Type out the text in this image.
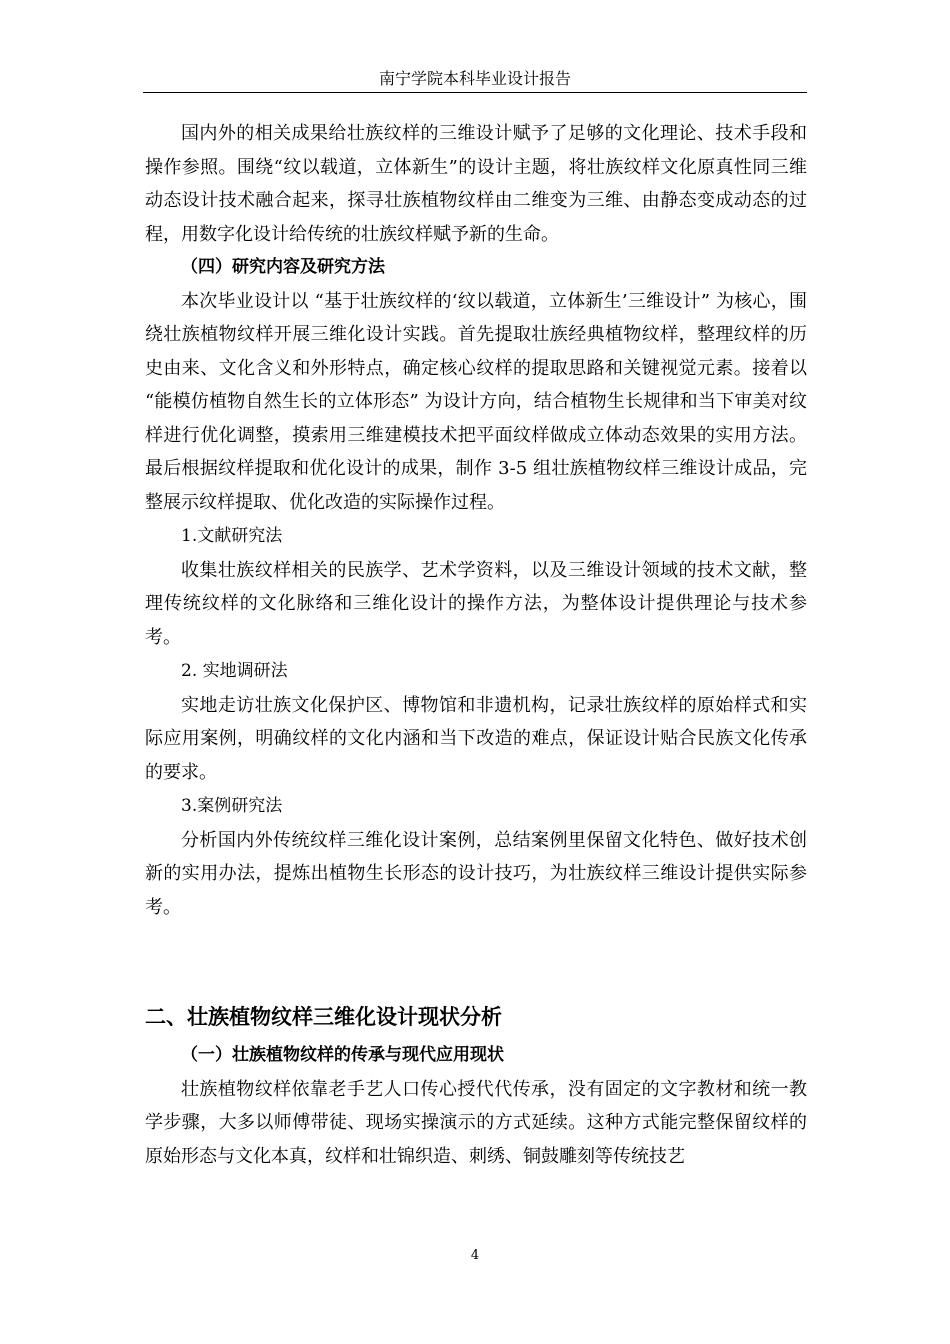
南宁学院本科毕业设计报告

国内外的相关成果给壮族纹样的三维设计赋予了足够的文化理论、技术手段和操作参照。围绕“纹以载道，立体新生”的设计主题，将壮族纹样文化原真性同三维动态设计技术融合起来，探寻壮族植物纹样由二维变为三维、由静态变成动态的过程，用数字化设计给传统的壮族纹样赋予新的生命。

（四）研究内容及研究方法

本次毕业设计以 “基于壮族纹样的‘纹以载道，立体新生’三维设计” 为核心，围绕壮族植物纹样开展三维化设计实践。首先提取壮族经典植物纹样，整理纹样的历史由来、文化含义和外形特点，确定核心纹样的提取思路和关键视觉元素。接着以 “能模仿植物自然生长的立体形态” 为设计方向，结合植物生长规律和当下审美对纹样进行优化调整，摸索用三维建模技术把平面纹样做成立体动态效果的实用方法。最后根据纹样提取和优化设计的成果，制作 3-5 组壮族植物纹样三维设计成品，完整展示纹样提取、优化改造的实际操作过程。

1.文献研究法

收集壮族纹样相关的民族学、艺术学资料，以及三维设计领域的技术文献，整理传统纹样的文化脉络和三维化设计的操作方法，为整体设计提供理论与技术参考。

2. 实地调研法

实地走访壮族文化保护区、博物馆和非遗机构，记录壮族纹样的原始样式和实际应用案例，明确纹样的文化内涵和当下改造的难点，保证设计贴合民族文化传承的要求。

3.案例研究法

分析国内外传统纹样三维化设计案例，总结案例里保留文化特色、做好技术创新的实用办法，提炼出植物生长形态的设计技巧，为壮族纹样三维设计提供实际参考。

二、壮族植物纹样三维化设计现状分析

（一）壮族植物纹样的传承与现代应用现状

壮族植物纹样依靠老手艺人口传心授代代传承，没有固定的文字教材和统一教学步骤，大多以师傅带徒、现场实操演示的方式延续。这种方式能完整保留纹样的原始形态与文化本真，纹样和壮锦织造、刺绣、铜鼓雕刻等传统技艺

4
